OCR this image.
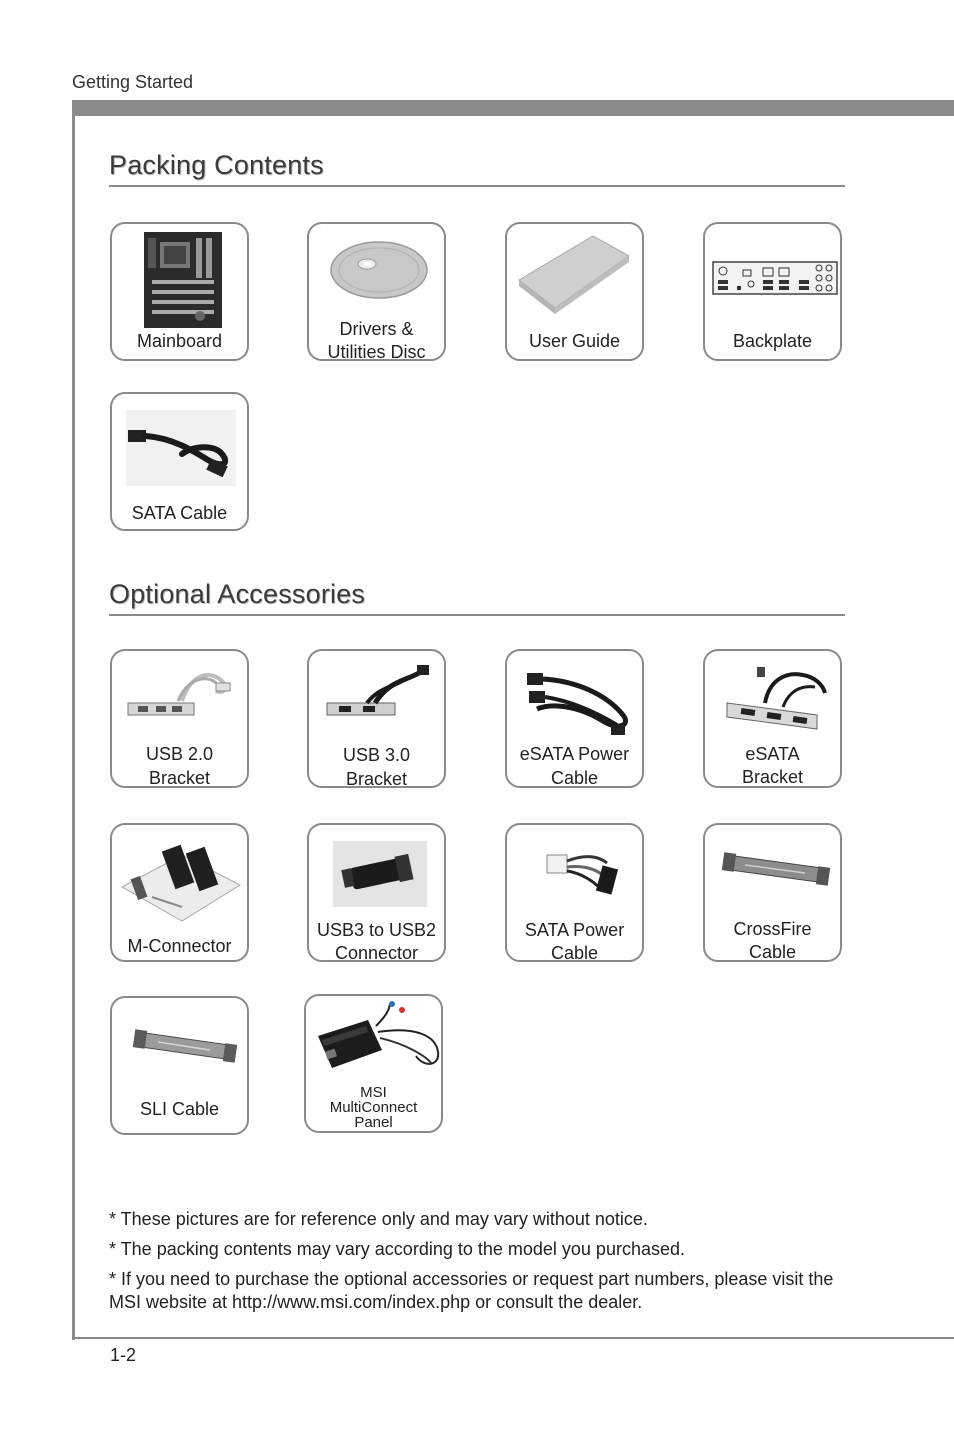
Getting Started
Packing Contents
Mainboard
Drivers &
Utilities Disc
User Guide	Backplate
SATA Cable
Optional Accessories
USB 2.0
Bracket
USB 3.0
Bracket
eSATA Power
Cable
eSATA
Bracket
M-Connector
USB3 to USB2
Connector
SATA Power
Cable
CrossFire
Cable
SLI Cable
MSI
MultiConnect
Panel

* These pictures are for reference only and may vary without notice.

* The packing contents may vary according to the model you purchased.

* If you need to purchase the optional accessories or request part numbers, please visit the MSI website at http://www.msi.com/index.php or consult the dealer.

1-2
